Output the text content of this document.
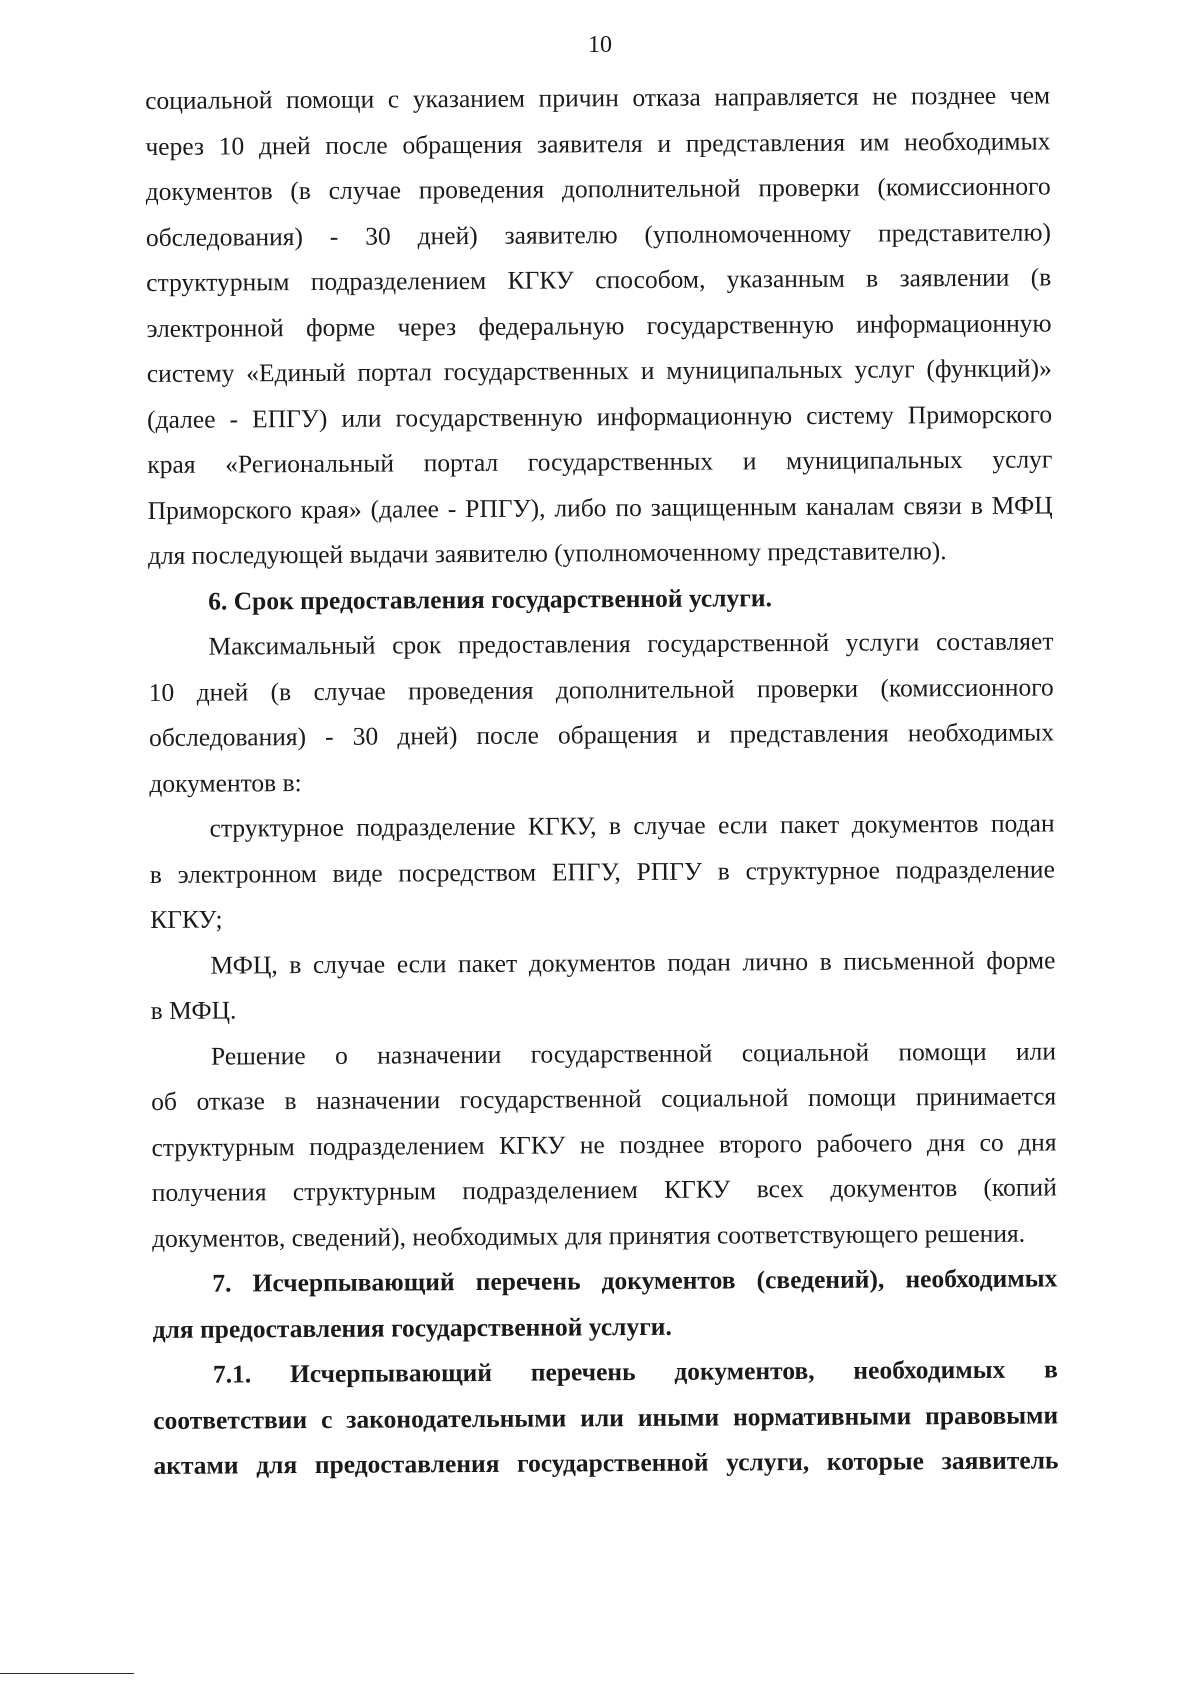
10
социальной помощи с указанием причин отказа направляется не позднее чем
через 10 дней после обращения заявителя и представления им необходимых
документов (в случае проведения дополнительной проверки (комиссионного
обследования) - 30 дней) заявителю (уполномоченному представителю)
структурным подразделением КГКУ способом, указанным в заявлении (в
электронной форме через федеральную государственную информационную
систему «Единый портал государственных и муниципальных услуг (функций)»
(далее - ЕПГУ) или государственную информационную систему Приморского
края «Региональный портал государственных и муниципальных услуг
Приморского края» (далее - РПГУ), либо по защищенным каналам связи в МФЦ
для последующей выдачи заявителю (уполномоченному представителю).
6. Срок предоставления государственной услуги.
Максимальный срок предоставления государственной услуги составляет
10 дней (в случае проведения дополнительной проверки (комиссионного
обследования) - 30 дней) после обращения и представления необходимых
документов в:
структурное подразделение КГКУ, в случае если пакет документов подан
в электронном виде посредством ЕПГУ, РПГУ в структурное подразделение
КГКУ;
МФЦ, в случае если пакет документов подан лично в письменной форме
в МФЦ.
Решение о назначении государственной социальной помощи или
об отказе в назначении государственной социальной помощи принимается
структурным подразделением КГКУ не позднее второго рабочего дня со дня
получения структурным подразделением КГКУ всех документов (копий
документов, сведений), необходимых для принятия соответствующего решения.
7. Исчерпывающий перечень документов (сведений), необходимых
для предоставления государственной услуги.
7.1. Исчерпывающий перечень документов, необходимых в
соответствии с законодательными или иными нормативными правовыми
актами для предоставления государственной услуги, которые заявитель
